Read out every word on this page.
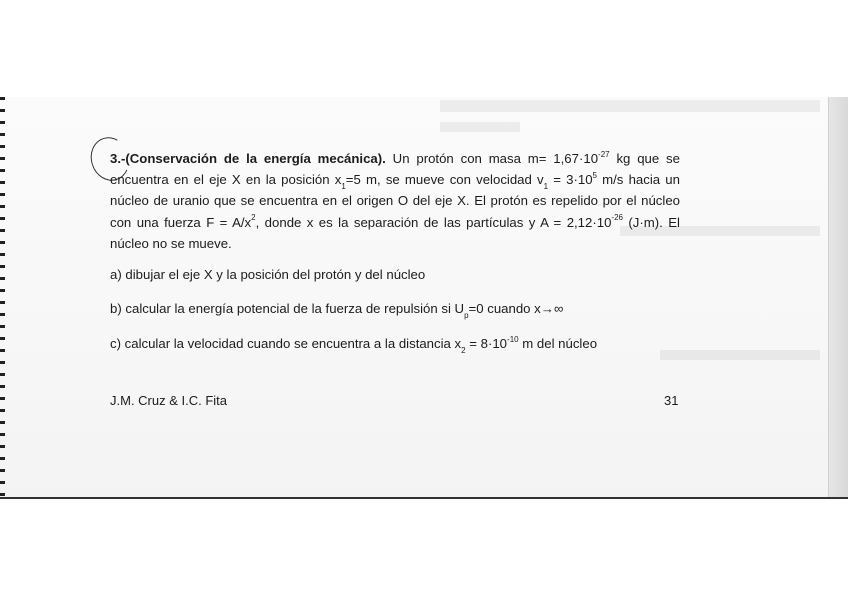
3.-(Conservación de la energía mecánica). Un protón con masa $m= 1,67\cdot 10^{-27}$ kg que se encuentra en el eje X en la posición $x_1=5$ m, se mueve con velocidad $v_1 = 3\cdot 10^5$ m/s hacia un núcleo de uranio que se encuentra en el origen O del eje X. El protón es repelido por el núcleo con una fuerza $F = A/x^2$, donde x es la separación de las partículas y $A = 2,12\cdot 10^{-26}$ (J·m). El núcleo no se mueve.

a) dibujar el eje X y la posición del protón y del núcleo

b) calcular la energía potencial de la fuerza de repulsión si $U_p=0$ cuando x→∞

c) calcular la velocidad cuando se encuentra a la distancia $x_2 = 8\cdot 10^{-10}$ m del núcleo

J.M. Cruz & I.C. Fita	31
